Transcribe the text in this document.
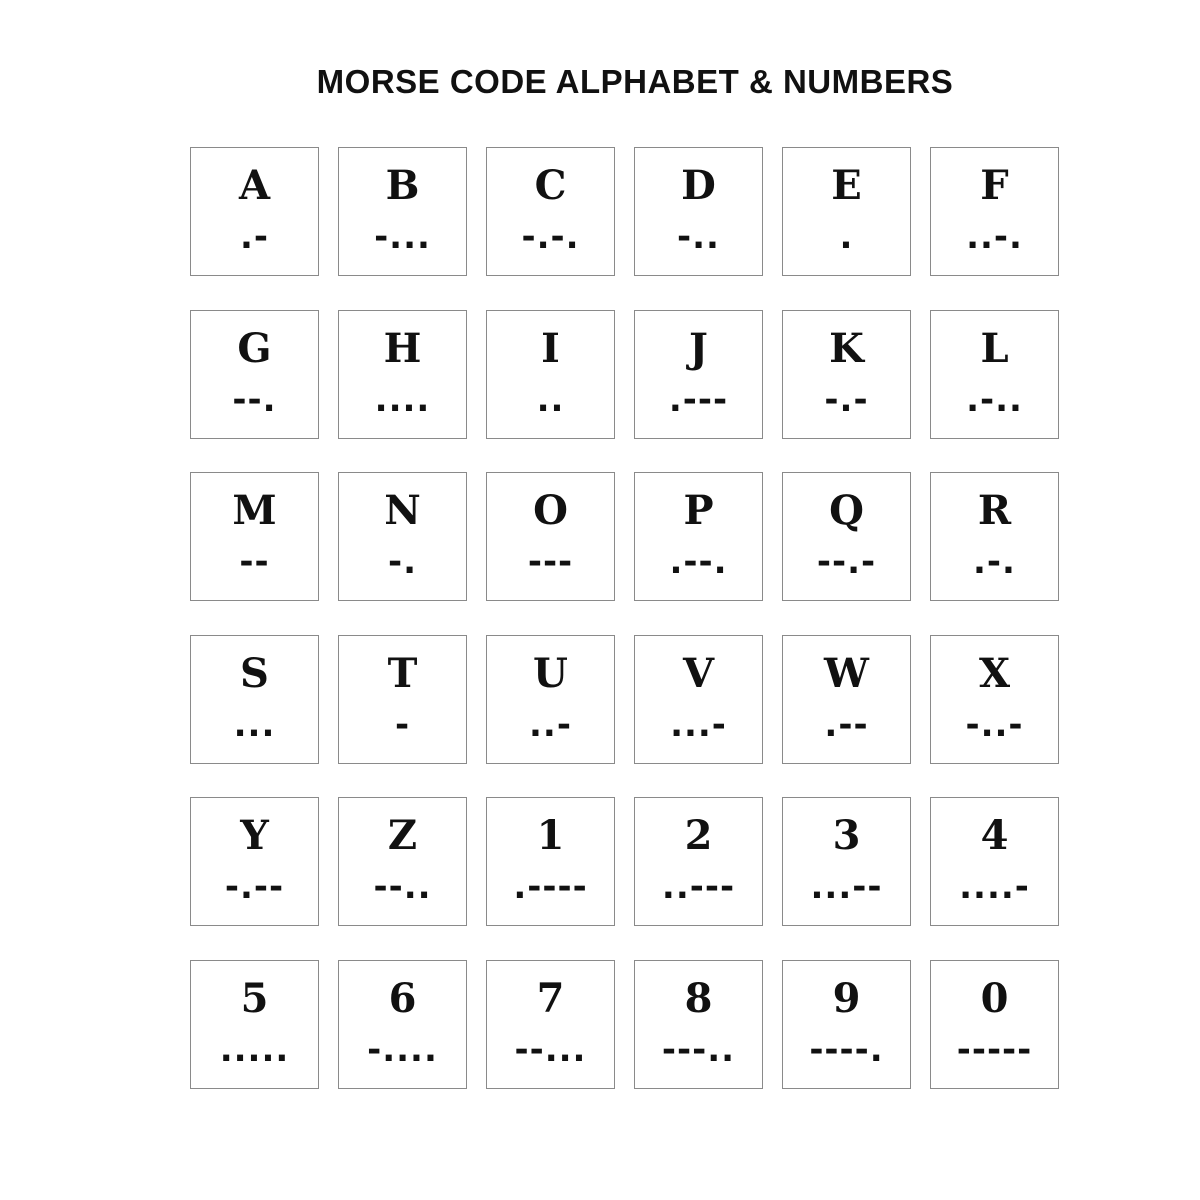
MORSE CODE ALPHABET & NUMBERS
A
.-
B
-...
C
-.-.
D
-..
E
.
F
..-.
G
--.
H
....
I
..
J
.---
K
-.-
L
.-..
M
--
N
-.
O
---
P
.--.
Q
--.-
R
.-.
S
...
T
-
U
..-
V
...-
W
.--
X
-..-
Y
-.--
Z
--..
1
.----
2
..---
3
...--
4
....-
5
.....
6
-....
7
--...
8
---..
9
----.
0
-----
